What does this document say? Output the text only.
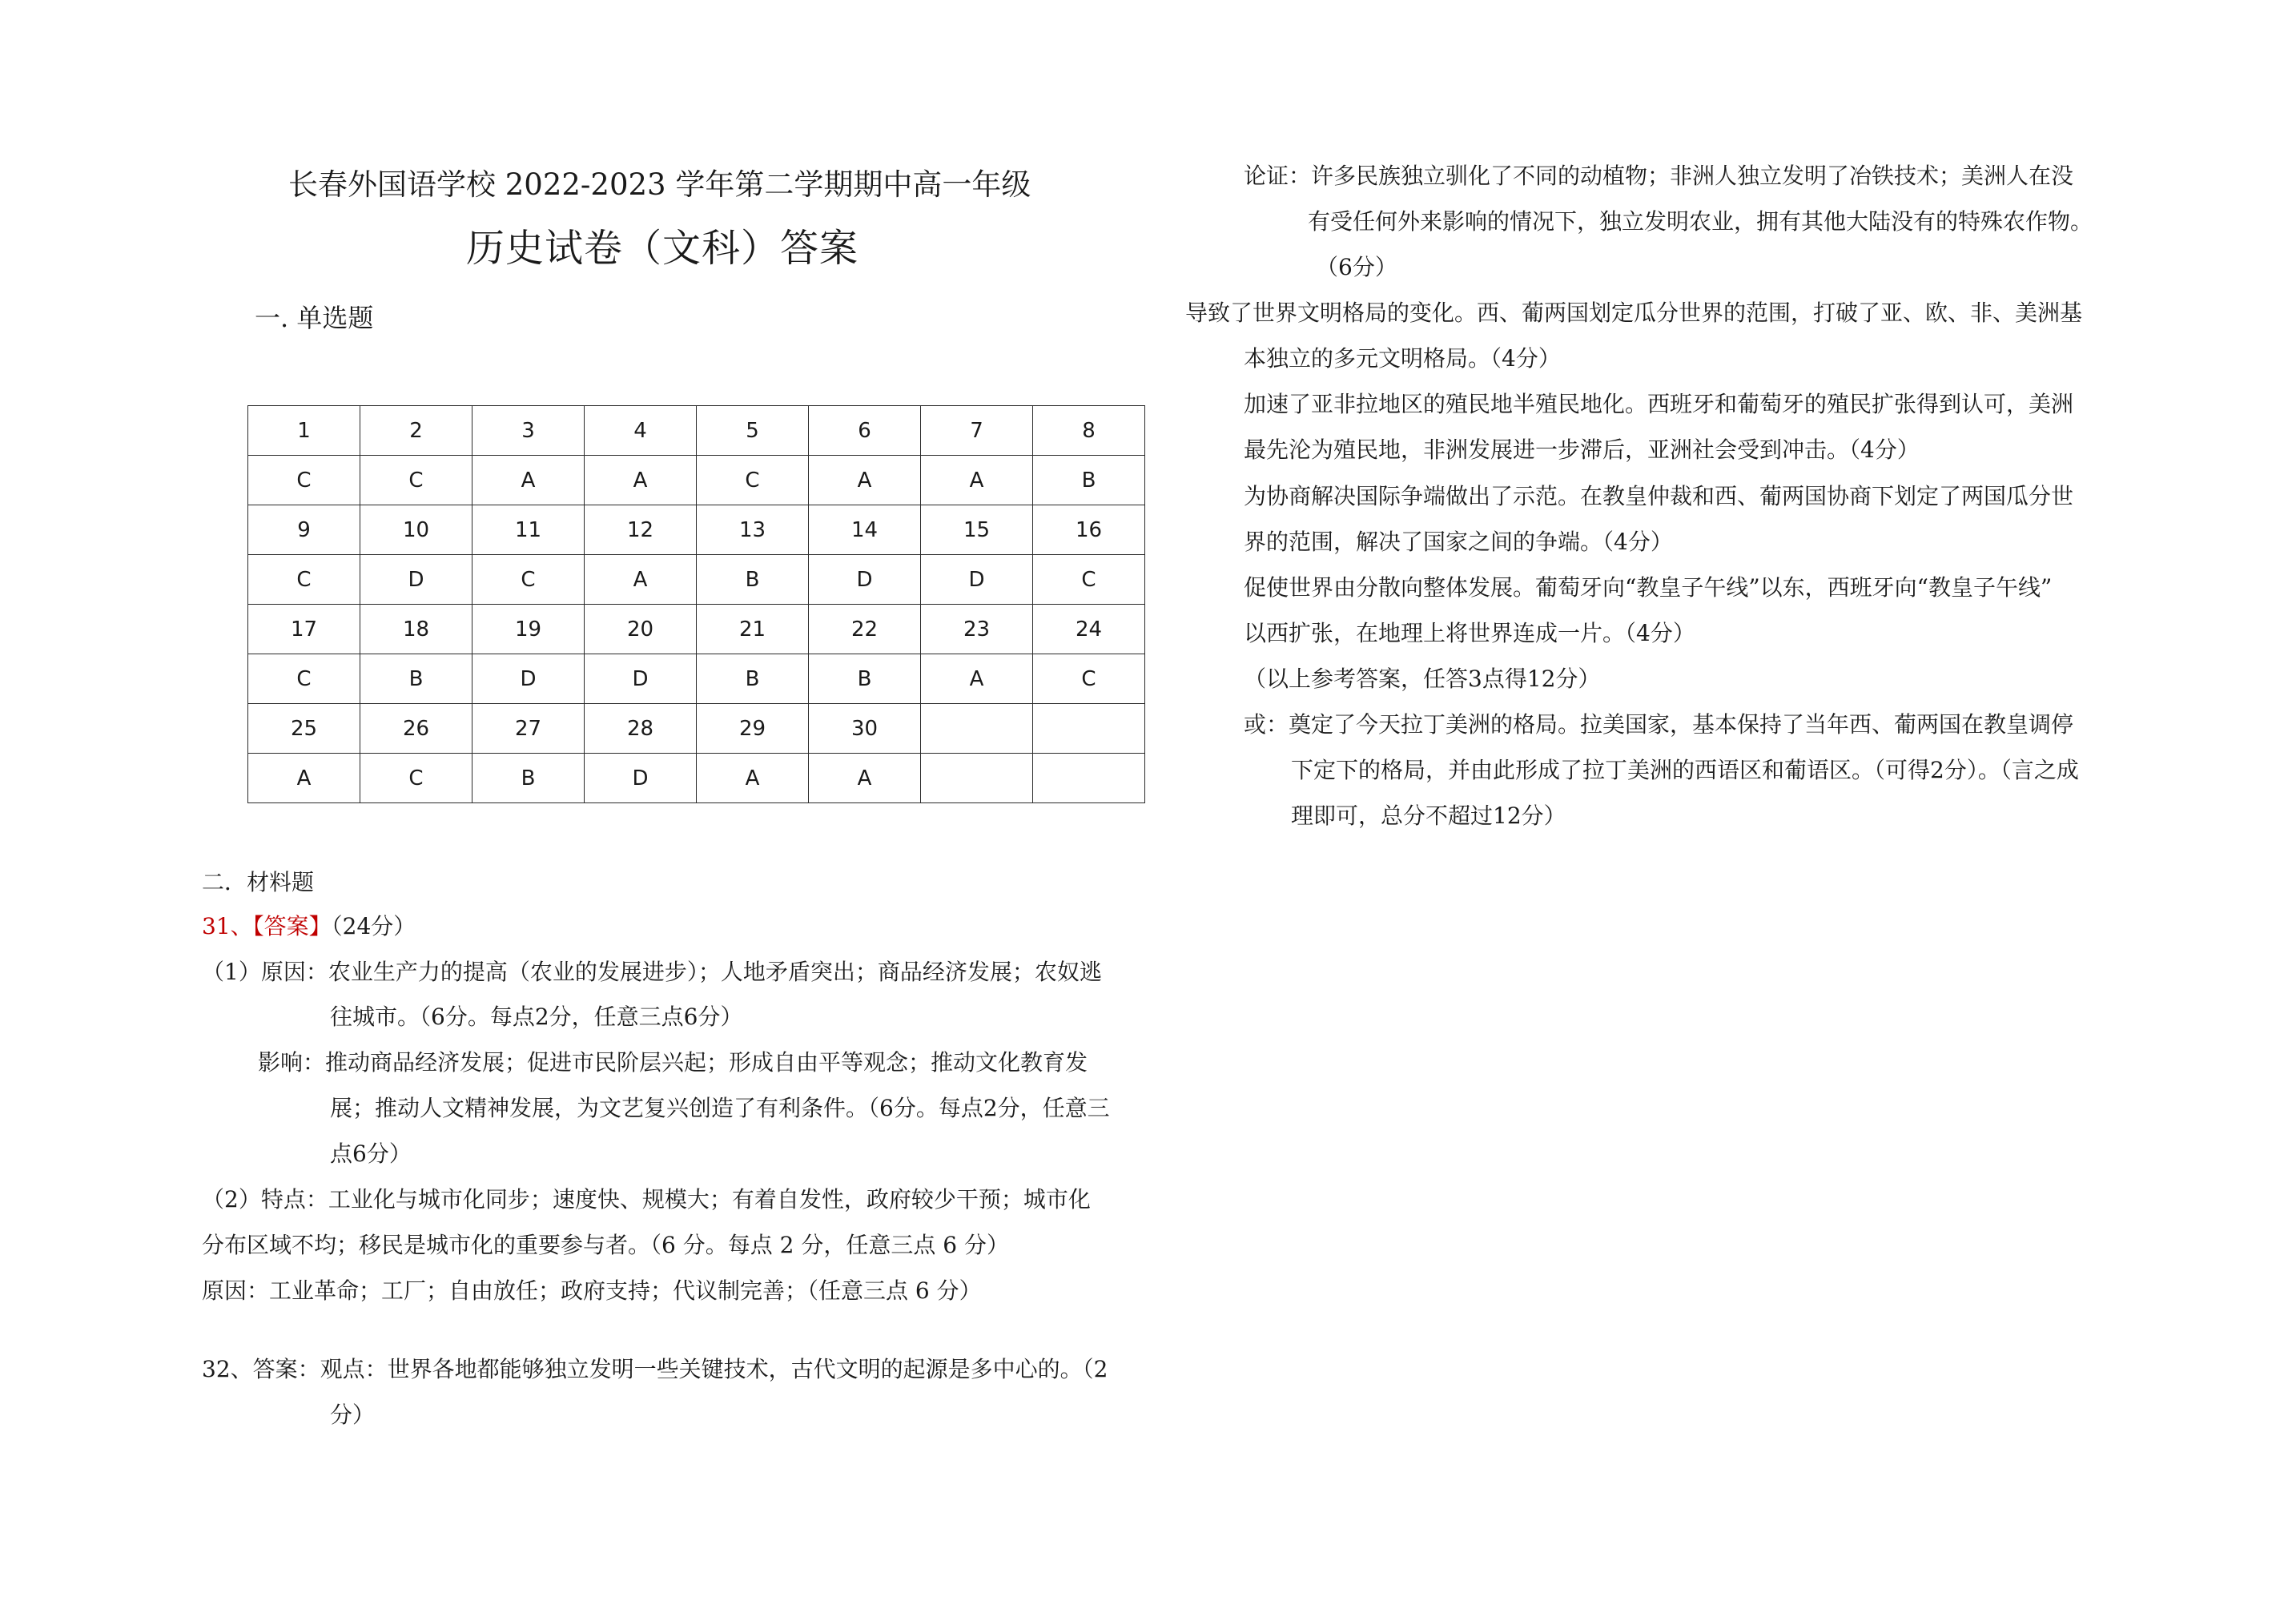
长春外国语学校 2022-2023 学年第二学期期中高一年级
历史试卷（文科）答案
一. 单选题
1	2	3	4	5	6	7	8
C	C	A	A	C	A	A	B
9	10	11	12	13	14	15	16
C	D	C	A	B	D	D	C
17	18	19	20	21	22	23	24
C	B	D	D	B	B	A	C
25	26	27	28	29	30		
A	C	B	D	A	A		
二．材料题
31、【答案】（24分）
（1）原因：农业生产力的提高（农业的发展进步）；人地矛盾突出；商品经济发展；农奴逃
往城市。（6分。每点2分，任意三点6分）
影响：推动商品经济发展；促进市民阶层兴起；形成自由平等观念；推动文化教育发
展；推动人文精神发展，为文艺复兴创造了有利条件。（6分。每点2分，任意三
点6分）
（2）特点：工业化与城市化同步；速度快、规模大；有着自发性，政府较少干预；城市化
分布区域不均；移民是城市化的重要参与者。（6 分。每点 2 分，任意三点 6 分）
原因：工业革命；工厂；自由放任；政府支持；代议制完善；（任意三点 6 分）
32、答案：观点：世界各地都能够独立发明一些关键技术，古代文明的起源是多中心的。（2
分）
论证：许多民族独立驯化了不同的动植物；非洲人独立发明了冶铁技术；美洲人在没
有受任何外来影响的情况下，独立发明农业，拥有其他大陆没有的特殊农作物。
（6分）
导致了世界文明格局的变化。西、葡两国划定瓜分世界的范围，打破了亚、欧、非、美洲基
本独立的多元文明格局。（4分）
加速了亚非拉地区的殖民地半殖民地化。西班牙和葡萄牙的殖民扩张得到认可，美洲
最先沦为殖民地，非洲发展进一步滞后，亚洲社会受到冲击。（4分）
为协商解决国际争端做出了示范。在教皇仲裁和西、葡两国协商下划定了两国瓜分世
界的范围，解决了国家之间的争端。（4分）
促使世界由分散向整体发展。葡萄牙向“教皇子午线”以东，西班牙向“教皇子午线”
以西扩张，在地理上将世界连成一片。（4分）
（以上参考答案，任答3点得12分）
或：奠定了今天拉丁美洲的格局。拉美国家，基本保持了当年西、葡两国在教皇调停
下定下的格局，并由此形成了拉丁美洲的西语区和葡语区。（可得2分）。（言之成
理即可，总分不超过12分）
